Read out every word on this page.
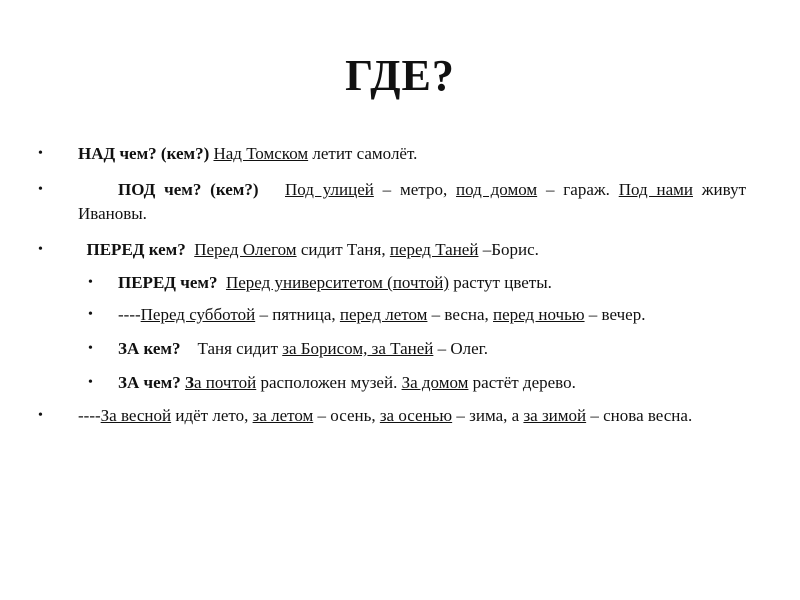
ГДЕ?
• НАД чем? (кем?) Над Томском летит самолёт.
•	ПОД чем? (кем?) Под улицей – метро, под домом – гараж. Под нами живут Ивановы.
• ПЕРЕД кем? Перед Олегом сидит Таня, перед Таней –Борис.
• ПЕРЕД чем? Перед университетом (почтой) растут цветы.
• ----Перед субботой – пятница, перед летом – весна, перед ночью – вечер.
• ЗА кем?    Таня сидит за Борисом, за Таней – Олег.
• ЗА чем? За почтой расположен музей. За домом растёт дерево.
• ----За весной идёт лето, за летом – осень, за осенью – зима, а за зимой – снова весна.
